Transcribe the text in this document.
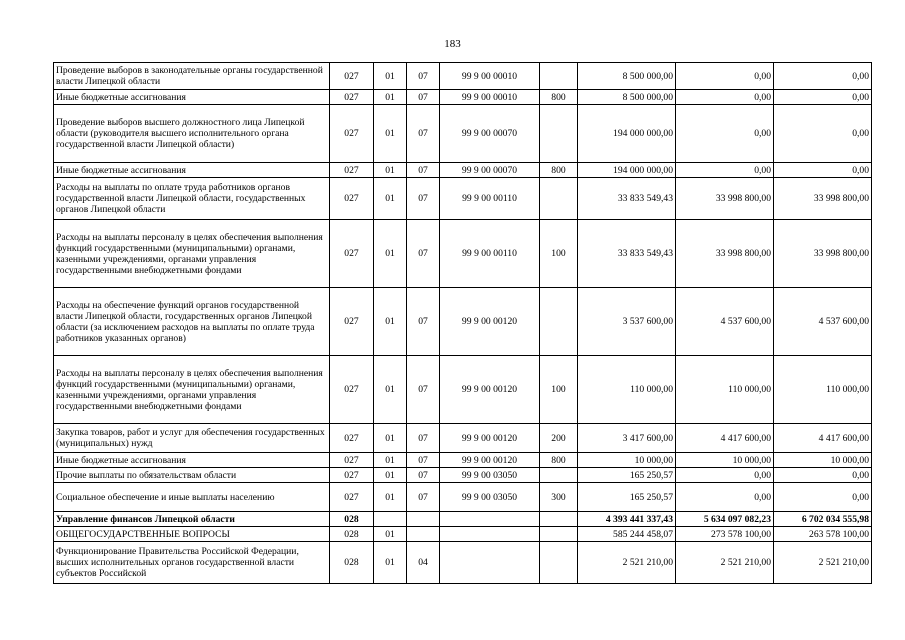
183
Проведение выборов в законодательные органы государственной власти Липецкой области	027	01	07	99 9 00 00010		8 500 000,00	0,00	0,00
Иные бюджетные ассигнования	027	01	07	99 9 00 00010	800	8 500 000,00	0,00	0,00
Проведение выборов высшего должностного лица Липецкой области (руководителя высшего исполнительного органа государственной власти Липецкой области)	027	01	07	99 9 00 00070		194 000 000,00	0,00	0,00
Иные бюджетные ассигнования	027	01	07	99 9 00 00070	800	194 000 000,00	0,00	0,00
Расходы на выплаты по оплате труда работников органов государственной власти Липецкой области, государственных органов Липецкой области	027	01	07	99 9 00 00110		33 833 549,43	33 998 800,00	33 998 800,00
Расходы на выплаты персоналу в целях обеспечения выполнения функций государственными (муниципальными) органами, казенными учреждениями, органами управления государственными внебюджетными фондами	027	01	07	99 9 00 00110	100	33 833 549,43	33 998 800,00	33 998 800,00
Расходы на обеспечение функций органов государственной власти Липецкой области, государственных органов Липецкой области (за исключением расходов на выплаты по оплате труда работников указанных органов)	027	01	07	99 9 00 00120		3 537 600,00	4 537 600,00	4 537 600,00
Расходы на выплаты персоналу в целях обеспечения выполнения функций государственными (муниципальными) органами, казенными учреждениями, органами управления государственными внебюджетными фондами	027	01	07	99 9 00 00120	100	110 000,00	110 000,00	110 000,00
Закупка товаров, работ и услуг для обеспечения государственных (муниципальных) нужд	027	01	07	99 9 00 00120	200	3 417 600,00	4 417 600,00	4 417 600,00
Иные бюджетные ассигнования	027	01	07	99 9 00 00120	800	10 000,00	10 000,00	10 000,00
Прочие выплаты по обязательствам области	027	01	07	99 9 00 03050		165 250,57	0,00	0,00
Социальное обеспечение и иные выплаты населению	027	01	07	99 9 00 03050	300	165 250,57	0,00	0,00
Управление финансов Липецкой области	028					4 393 441 337,43	5 634 097 082,23	6 702 034 555,98
ОБЩЕГОСУДАРСТВЕННЫЕ ВОПРОСЫ	028	01				585 244 458,07	273 578 100,00	263 578 100,00
Функционирование Правительства Российской Федерации, высших исполнительных органов государственной власти субъектов Российской	028	01	04			2 521 210,00	2 521 210,00	2 521 210,00
